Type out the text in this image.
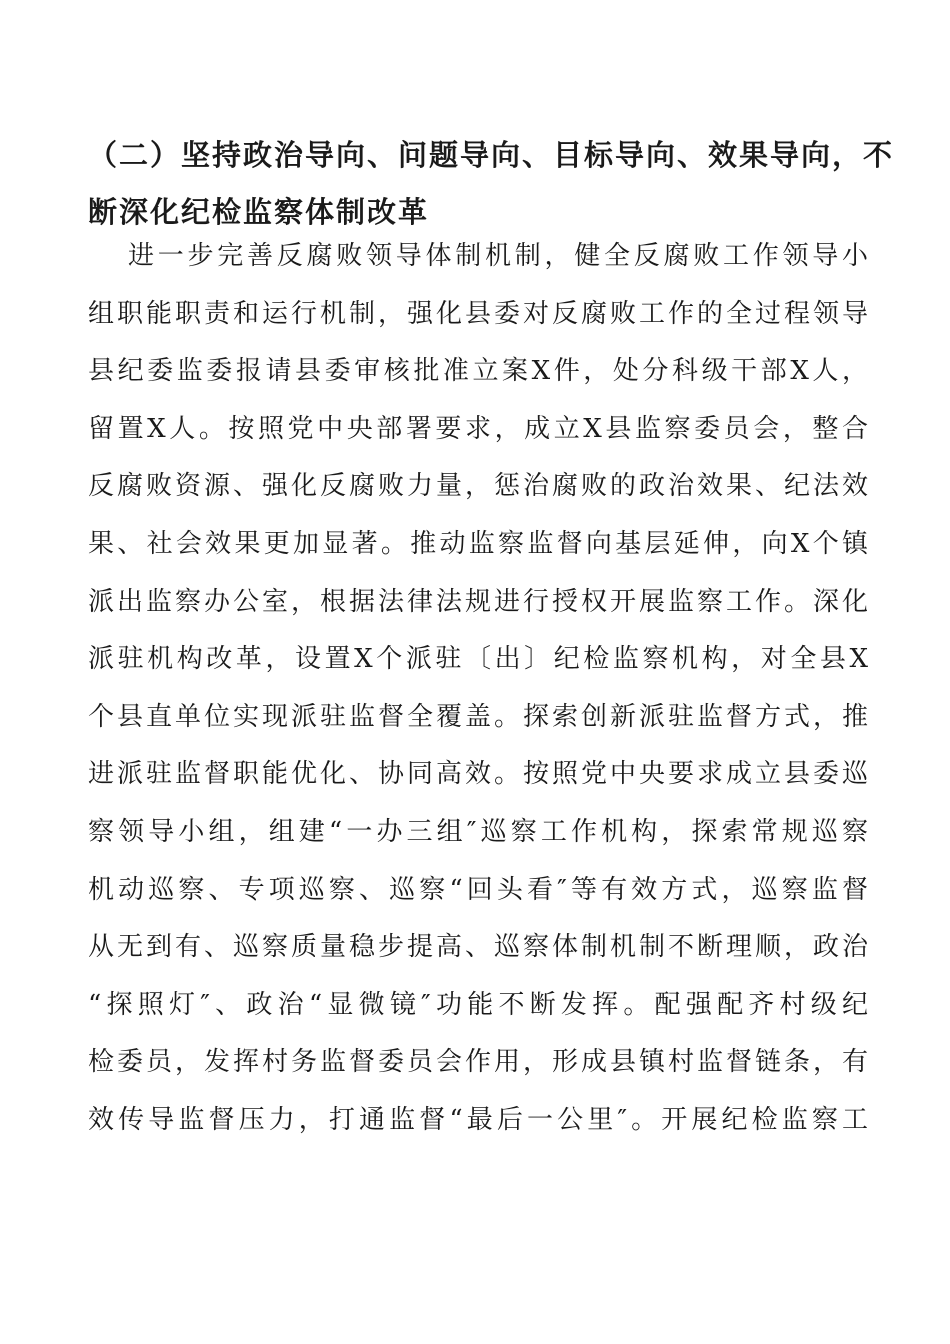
（二）坚持政治导向、问题导向、目标导向、效果导向，不
断深化纪检监察体制改革
进一步完善反腐败领导体制机制，健全反腐败工作领导小
组职能职责和运行机制，强化县委对反腐败工作的全过程领导
县纪委监委报请县委审核批准立案X件，处分科级干部X人，
留置X人。按照党中央部署要求，成立X县监察委员会，整合
反腐败资源、强化反腐败力量，惩治腐败的政治效果、纪法效
果、社会效果更加显著。推动监察监督向基层延伸，向X个镇
派出监察办公室，根据法律法规进行授权开展监察工作。深化
派驻机构改革，设置X个派驻〔出〕纪检监察机构，对全县X
个县直单位实现派驻监督全覆盖。探索创新派驻监督方式，推
进派驻监督职能优化、协同高效。按照党中央要求成立县委巡
察领导小组，组建“一办三组″巡察工作机构，探索常规巡察
机动巡察、专项巡察、巡察“回头看″等有效方式，巡察监督
从无到有、巡察质量稳步提高、巡察体制机制不断理顺，政治
“探照灯″、政治“显微镜″功能不断发挥。配强配齐村级纪
检委员，发挥村务监督委员会作用，形成县镇村监督链条，有
效传导监督压力，打通监督“最后一公里″。开展纪检监察工
